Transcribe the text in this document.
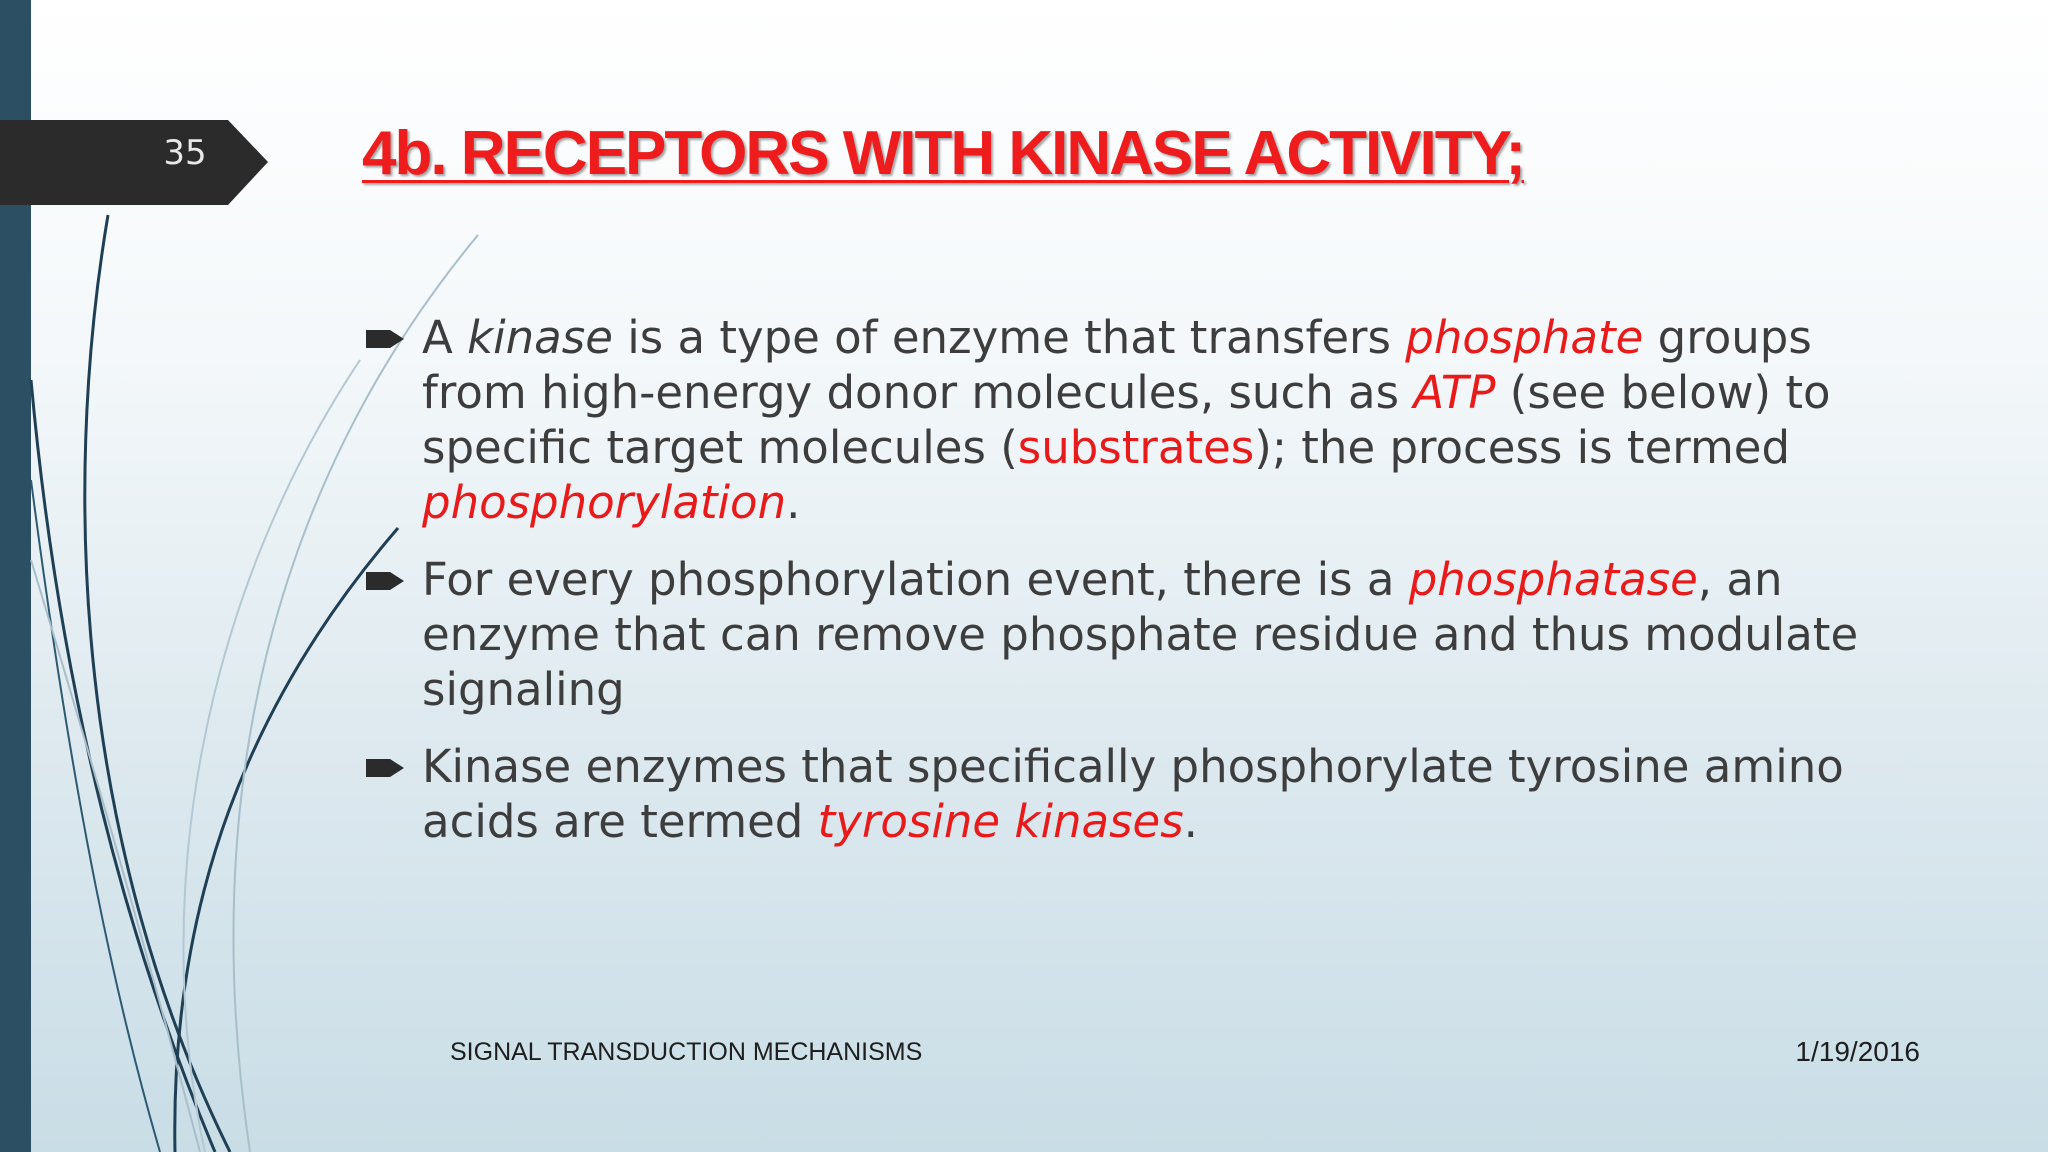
35	4b. RECEPTORS WITH KINASE ACTIVITY;
A kinase is a type of enzyme that transfers phosphate groups from high-energy donor molecules, such as ATP (see below) to specific target molecules (substrates); the process is termed phosphorylation.
For every phosphorylation event, there is a phosphatase, an enzyme that can remove phosphate residue and thus modulate signaling
Kinase enzymes that specifically phosphorylate tyrosine amino acids are termed tyrosine kinases.
SIGNAL TRANSDUCTION MECHANISMS	1/19/2016
